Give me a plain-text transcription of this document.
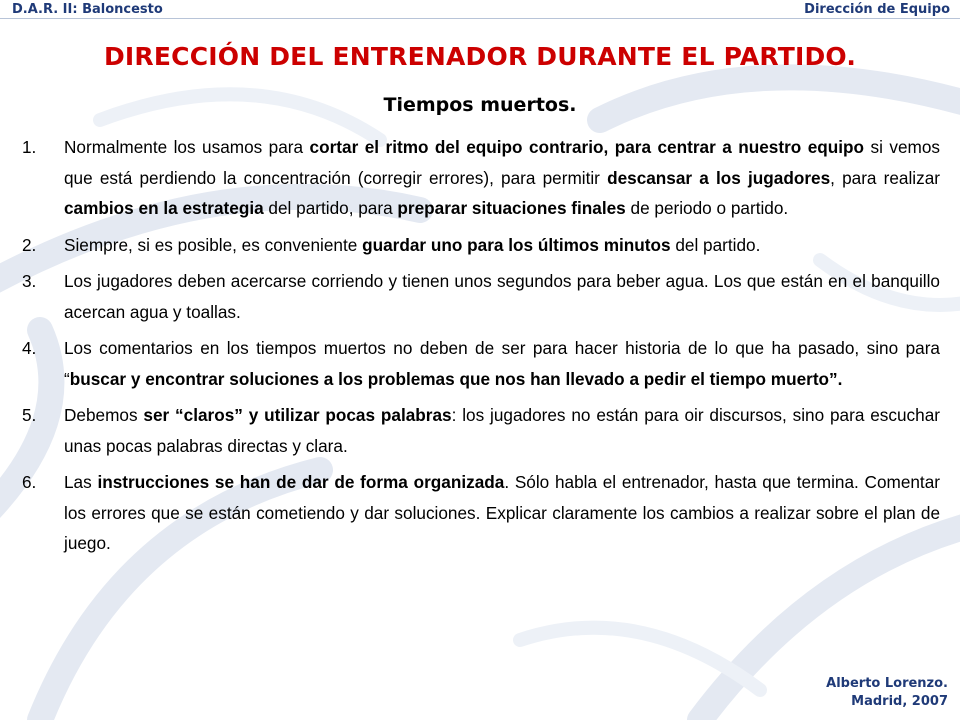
D.A.R. II: Baloncesto	Dirección de Equipo
DIRECCIÓN DEL ENTRENADOR DURANTE EL PARTIDO.
Tiempos muertos.
1.	Normalmente los usamos para cortar el ritmo del equipo contrario, para centrar a nuestro equipo si vemos que está perdiendo la concentración (corregir errores), para permitir descansar a los jugadores, para realizar cambios en la estrategia del partido, para preparar situaciones finales de periodo o partido.
2.	Siempre, si es posible, es conveniente guardar uno para los últimos minutos del partido.
3.	Los jugadores deben acercarse corriendo y tienen unos segundos para beber agua. Los que están en el banquillo acercan agua y toallas.
4.	Los comentarios en los tiempos muertos no deben de ser para hacer historia de lo que ha pasado, sino para “buscar y encontrar soluciones a los problemas que nos han llevado a pedir el tiempo muerto”.
5.	Debemos ser “claros” y utilizar pocas palabras: los jugadores no están para oir discursos, sino para escuchar unas pocas palabras directas y clara.
6.	Las instrucciones se han de dar de forma organizada. Sólo habla el entrenador, hasta que termina. Comentar los errores que se están cometiendo y dar soluciones. Explicar claramente los cambios a realizar sobre el plan de juego.
Alberto Lorenzo.
Madrid, 2007
